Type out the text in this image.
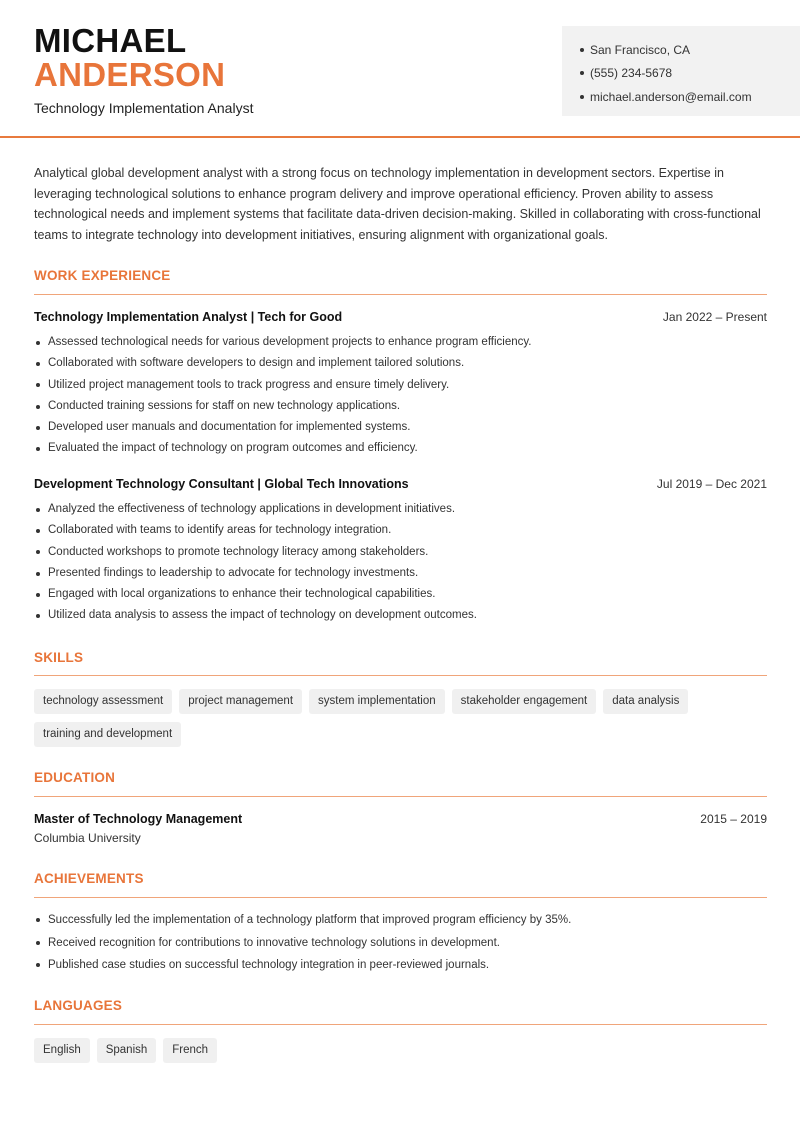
MICHAEL
ANDERSON
Technology Implementation Analyst
San Francisco, CA
(555) 234-5678
michael.anderson@email.com

Analytical global development analyst with a strong focus on technology implementation in development sectors. Expertise in leveraging technological solutions to enhance program delivery and improve operational efficiency. Proven ability to assess technological needs and implement systems that facilitate data-driven decision-making. Skilled in collaborating with cross-functional teams to integrate technology into development initiatives, ensuring alignment with organizational goals.

WORK EXPERIENCE
Technology Implementation Analyst | Tech for Good	Jan 2022 – Present
Assessed technological needs for various development projects to enhance program efficiency.
Collaborated with software developers to design and implement tailored solutions.
Utilized project management tools to track progress and ensure timely delivery.
Conducted training sessions for staff on new technology applications.
Developed user manuals and documentation for implemented systems.
Evaluated the impact of technology on program outcomes and efficiency.
Development Technology Consultant | Global Tech Innovations	Jul 2019 – Dec 2021
Analyzed the effectiveness of technology applications in development initiatives.
Collaborated with teams to identify areas for technology integration.
Conducted workshops to promote technology literacy among stakeholders.
Presented findings to leadership to advocate for technology investments.
Engaged with local organizations to enhance their technological capabilities.
Utilized data analysis to assess the impact of technology on development outcomes.
SKILLS
technology assessment	project management	system implementation	stakeholder engagement	data analysis
training and development
EDUCATION
Master of Technology Management	2015 – 2019
Columbia University
ACHIEVEMENTS
Successfully led the implementation of a technology platform that improved program efficiency by 35%.
Received recognition for contributions to innovative technology solutions in development.
Published case studies on successful technology integration in peer-reviewed journals.
LANGUAGES
English	Spanish	French
